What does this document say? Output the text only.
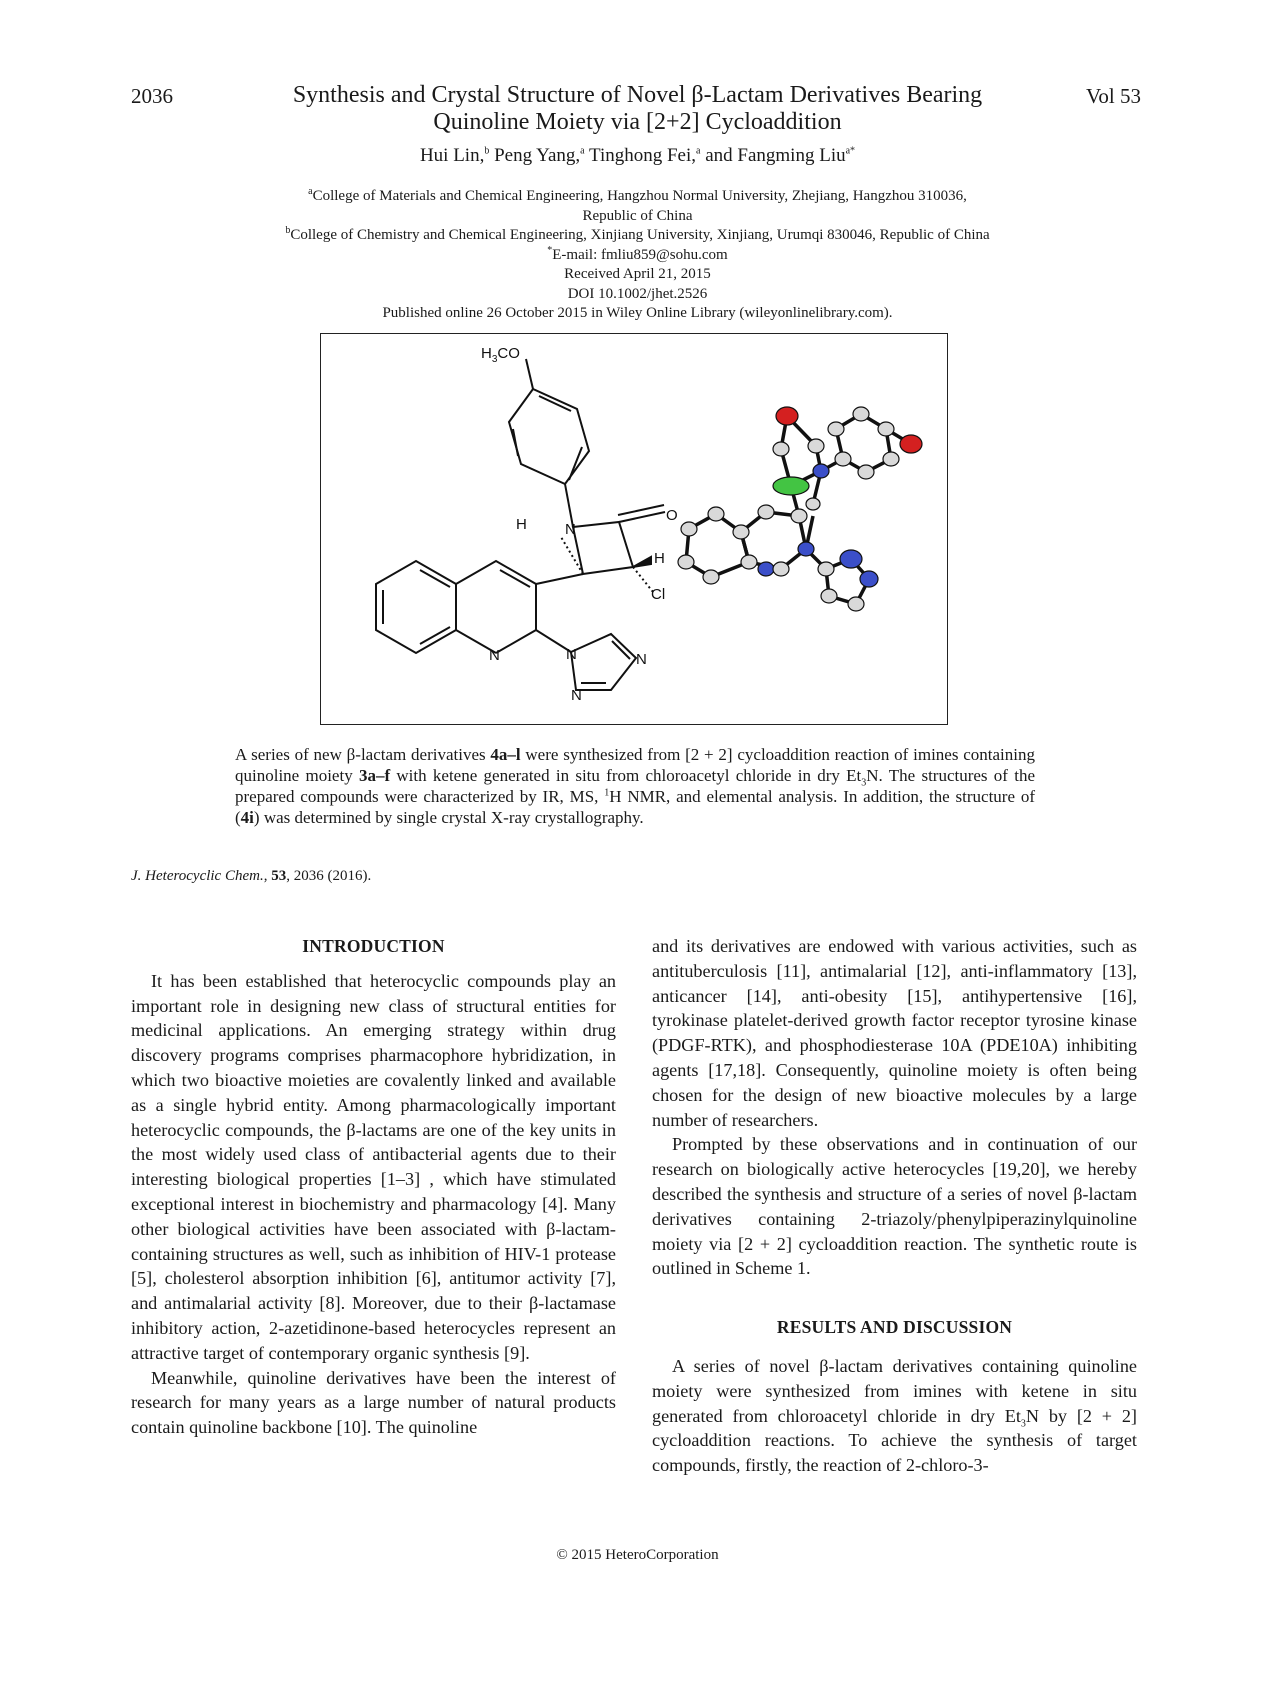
2036	Synthesis and Crystal Structure of Novel β-Lactam Derivatives Bearing
Quinoline Moiety via [2+2] Cycloaddition
Vol 53
Hui Lin,$^b$ Peng Yang,$^a$ Tinghong Fei,$^a$ and Fangming Liu$^{a*}$

$^a$College of Materials and Chemical Engineering, Hangzhou Normal University, Zhejiang, Hangzhou 310036,

Republic of China

$^b$College of Chemistry and Chemical Engineering, Xinjiang University, Xinjiang, Urumqi 830046, Republic of China

*E-mail: fmliu859@sohu.com

Received April 21, 2015

DOI 10.1002/jhet.2526

Published online 26 October 2015 in Wiley Online Library (wileyonlinelibrary.com).

$H_3CO$
N
O
H
H
Cl
N	N	N
N
A series of new β-lactam derivatives 4a–l were synthesized from [2 + 2] cycloaddition reaction of imines containing quinoline moiety 3a–f with ketene generated in situ from chloroacetyl chloride in dry $Et_3N$. The structures of the prepared compounds were characterized by IR, MS, $^1$H NMR, and elemental analysis. In addition, the structure of (4i) was determined by single crystal X-ray crystallography.
J. Heterocyclic Chem., 53, 2036 (2016).
INTRODUCTION

It has been established that heterocyclic compounds play an important role in designing new class of structural entities for medicinal applications. An emerging strategy within drug discovery programs comprises pharmacophore hybridization, in which two bioactive moieties are covalently linked and available as a single hybrid entity. Among pharmacologically important heterocyclic compounds, the β-lactams are one of the key units in the most widely used class of antibacterial agents due to their interesting biological properties [1–3] , which have stimulated exceptional interest in biochemistry and pharmacology [4]. Many other biological activities have been associated with β-lactam-containing structures as well, such as inhibition of HIV-1 protease [5], cholesterol absorption inhibition [6], antitumor activity [7], and antimalarial activity [8]. Moreover, due to their β-lactamase inhibitory action, 2-azetidinone-based heterocycles represent an attractive target of contemporary organic synthesis [9].

Meanwhile, quinoline derivatives have been the interest of research for many years as a large number of natural products contain quinoline backbone [10]. The quinoline

and its derivatives are endowed with various activities, such as antituberculosis [11], antimalarial [12], anti-inflammatory [13], anticancer [14], anti-obesity [15], antihypertensive [16], tyrokinase platelet-derived growth factor receptor tyrosine kinase (PDGF-RTK), and phosphodiesterase 10A (PDE10A) inhibiting agents [17,18]. Consequently, quinoline moiety is often being chosen for the design of new bioactive molecules by a large number of researchers.

Prompted by these observations and in continuation of our research on biologically active heterocycles [19,20], we hereby described the synthesis and structure of a series of novel β-lactam derivatives containing 2-triazoly/phenylpiperazinylquinoline moiety via [2 + 2] cycloaddition reaction. The synthetic route is outlined in Scheme 1.

RESULTS AND DISCUSSION

A series of novel β-lactam derivatives containing quinoline moiety were synthesized from imines with ketene in situ generated from chloroacetyl chloride in dry $Et_3N$ by [2 + 2] cycloaddition reactions. To achieve the synthesis of target compounds, firstly, the reaction of 2-chloro-3-

© 2015 HeteroCorporation
